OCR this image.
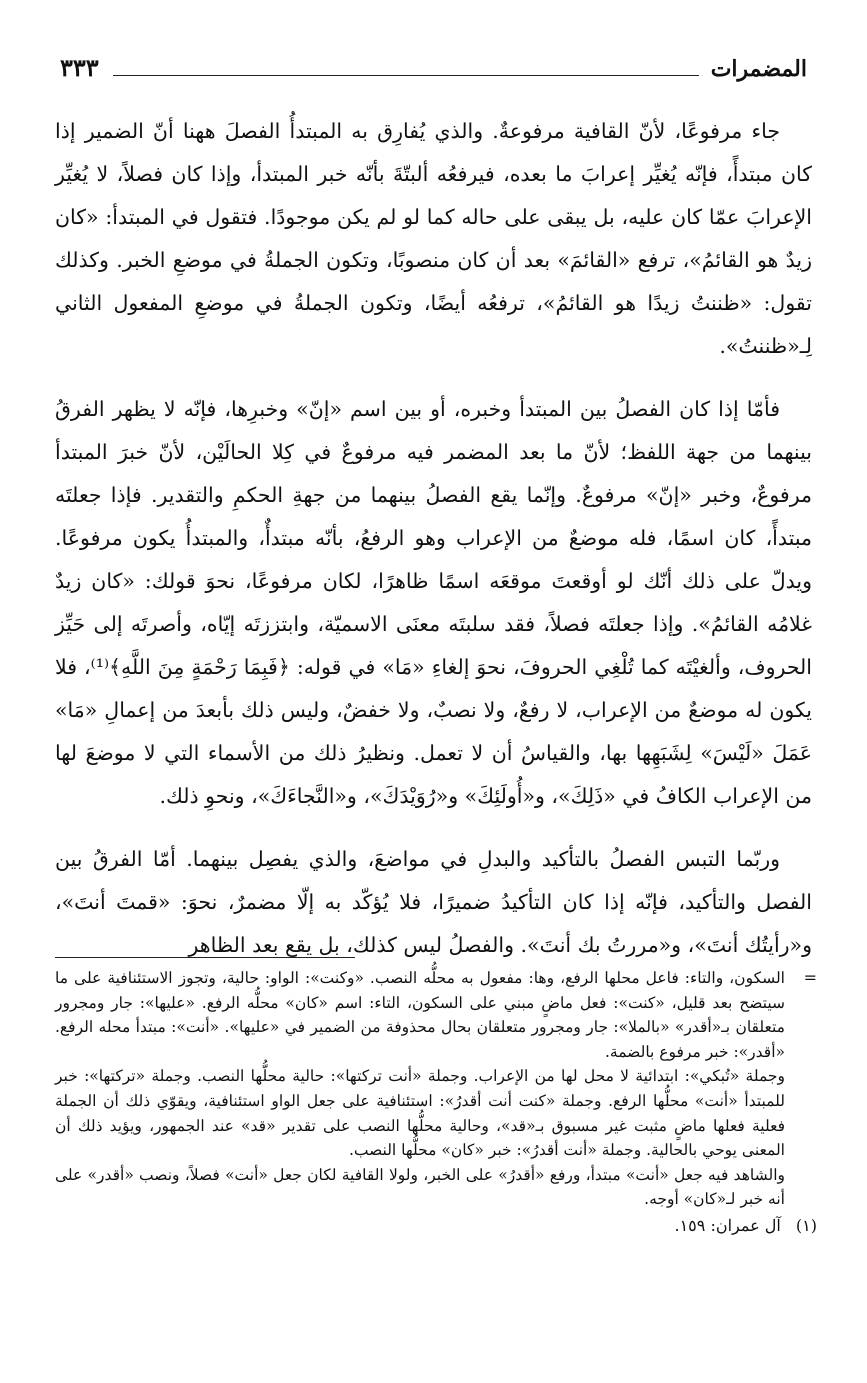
المضمرات
٣٣٣

جاء مرفوعًا، لأنّ القافية مرفوعةٌ. والذي يُفارِق به المبتدأُ الفصلَ ههنا أنّ الضمير إذا كان مبتدأً، فإنّه يُغيِّر إعرابَ ما بعده، فيرفعُه ألبتّةَ بأنّه خبر المبتدأ، وإذا كان فصلاً، لا يُغيِّر الإعرابَ عمّا كان عليه، بل يبقى على حاله كما لو لم يكن موجودًا. فتقول في المبتدأ: «كان زيدٌ هو القائمُ»، ترفع «القائمَ» بعد أن كان منصوبًا، وتكون الجملةُ في موضعِ الخبر. وكذلك تقول: «ظننتُ زيدًا هو القائمُ»، ترفعُه أيضًا، وتكون الجملةُ في موضعِ المفعول الثاني لِـ«ظننتُ».

فأمّا إذا كان الفصلُ بين المبتدأ وخبره، أو بين اسم «إنّ» وخبرِها، فإنّه لا يظهر الفرقُ بينهما من جهة اللفظ؛ لأنّ ما بعد المضمر فيه مرفوعٌ في كِلا الحالَيْن، لأنّ خبرَ المبتدأ مرفوعٌ، وخبر «إنّ» مرفوعٌ. وإنّما يقع الفصلُ بينهما من جهةِ الحكمِ والتقدير. فإذا جعلتَه مبتدأً، كان اسمًا، فله موضعٌ من الإعراب وهو الرفعُ، بأنّه مبتدأٌ، والمبتدأُ يكون مرفوعًا. ويدلّ على ذلك أنّك لو أوقعتَ موقعَه اسمًا ظاهرًا، لكان مرفوعًا، نحوَ قولك: «كان زيدٌ غلامُه القائمُ». وإذا جعلتَه فصلاً، فقد سلبتَه معنَى الاسميّة، وابتززتَه إيّاه، وأصرتَه إلى حَيِّز الحروف، وألغيْتَه كما تُلْغِي الحروفَ، نحوَ إلغاءِ «مَا» في قوله: ﴿فَبِمَا رَحْمَةٍ مِنَ اللَّهِ﴾⁽¹⁾، فلا يكون له موضعٌ من الإعراب، لا رفعٌ، ولا نصبٌ، ولا خفضٌ، وليس ذلك بأبعدَ من إعمالِ «مَا» عَمَلَ «لَيْسَ» لِشَبَهِها بها، والقياسُ أن لا تعمل. ونظيرُ ذلك من الأسماء التي لا موضعَ لها من الإعراب الكافُ في «ذَلِكَ»، و«أُولَئِكَ» و«رُوَيْدَكَ»، و«النَّجاءَكَ»، ونحوِ ذلك.

وربّما التبس الفصلُ بالتأكيد والبدلِ في مواضعَ، والذي يفصِل بينهما. أمّا الفرقُ بين الفصل والتأكيد، فإنّه إذا كان التأكيدُ ضميرًا، فلا يُؤكّد به إلّا مضمرٌ، نحوَ: «قمتَ أنتَ»، و«رأيتُك أنتَ»، و«مررتُ بك أنتَ». والفصلُ ليس كذلك، بل يقع بعد الظاهر

=

السكون، والتاء: فاعل محلها الرفع، وها: مفعول به محلُّه النصب. «وكنت»: الواو: حالية، وتجوز الاستئنافية على ما سيتضح بعد قليل، «كنت»: فعل ماضٍ مبني على السكون، التاء: اسم «كان» محلُّه الرفع. «عليها»: جار ومجرور متعلقان بـ«أقدر» «بالملا»: جار ومجرور متعلقان بحال محذوفة من الضمير في «عليها». «أنت»: مبتدأ محله الرفع. «أقدر»: خبر مرفوع بالضمة.

وجملة «تُبكي»: ابتدائية لا محل لها من الإعراب. وجملة «أنت تركتها»: حالية محلُّها النصب. وجملة «تركتها»: خبر للمبتدأ «أنت» محلُّها الرفع. وجملة «كنت أنت أقدرُ»: استئنافية على جعل الواو استئنافية، ويقوّي ذلك أن الجملة فعلية فعلها ماضٍ مثبت غير مسبوق بـ«قد»، وحالية محلُّها النصب على تقدير «قد» عند الجمهور، ويؤيد ذلك أن المعنى يوحي بالحالية. وجملة «أنت أقدرُ»: خبر «كان» محلُّها النصب.

والشاهد فيه جعل «أنت» مبتدأ، ورفع «أقدرُ» على الخبر، ولولا القافية لكان جعل «أنت» فصلاً، ونصب «أقدر» على أنه خبر لـ«كان» أوجه.

(١) آل عمران: ١٥٩.
